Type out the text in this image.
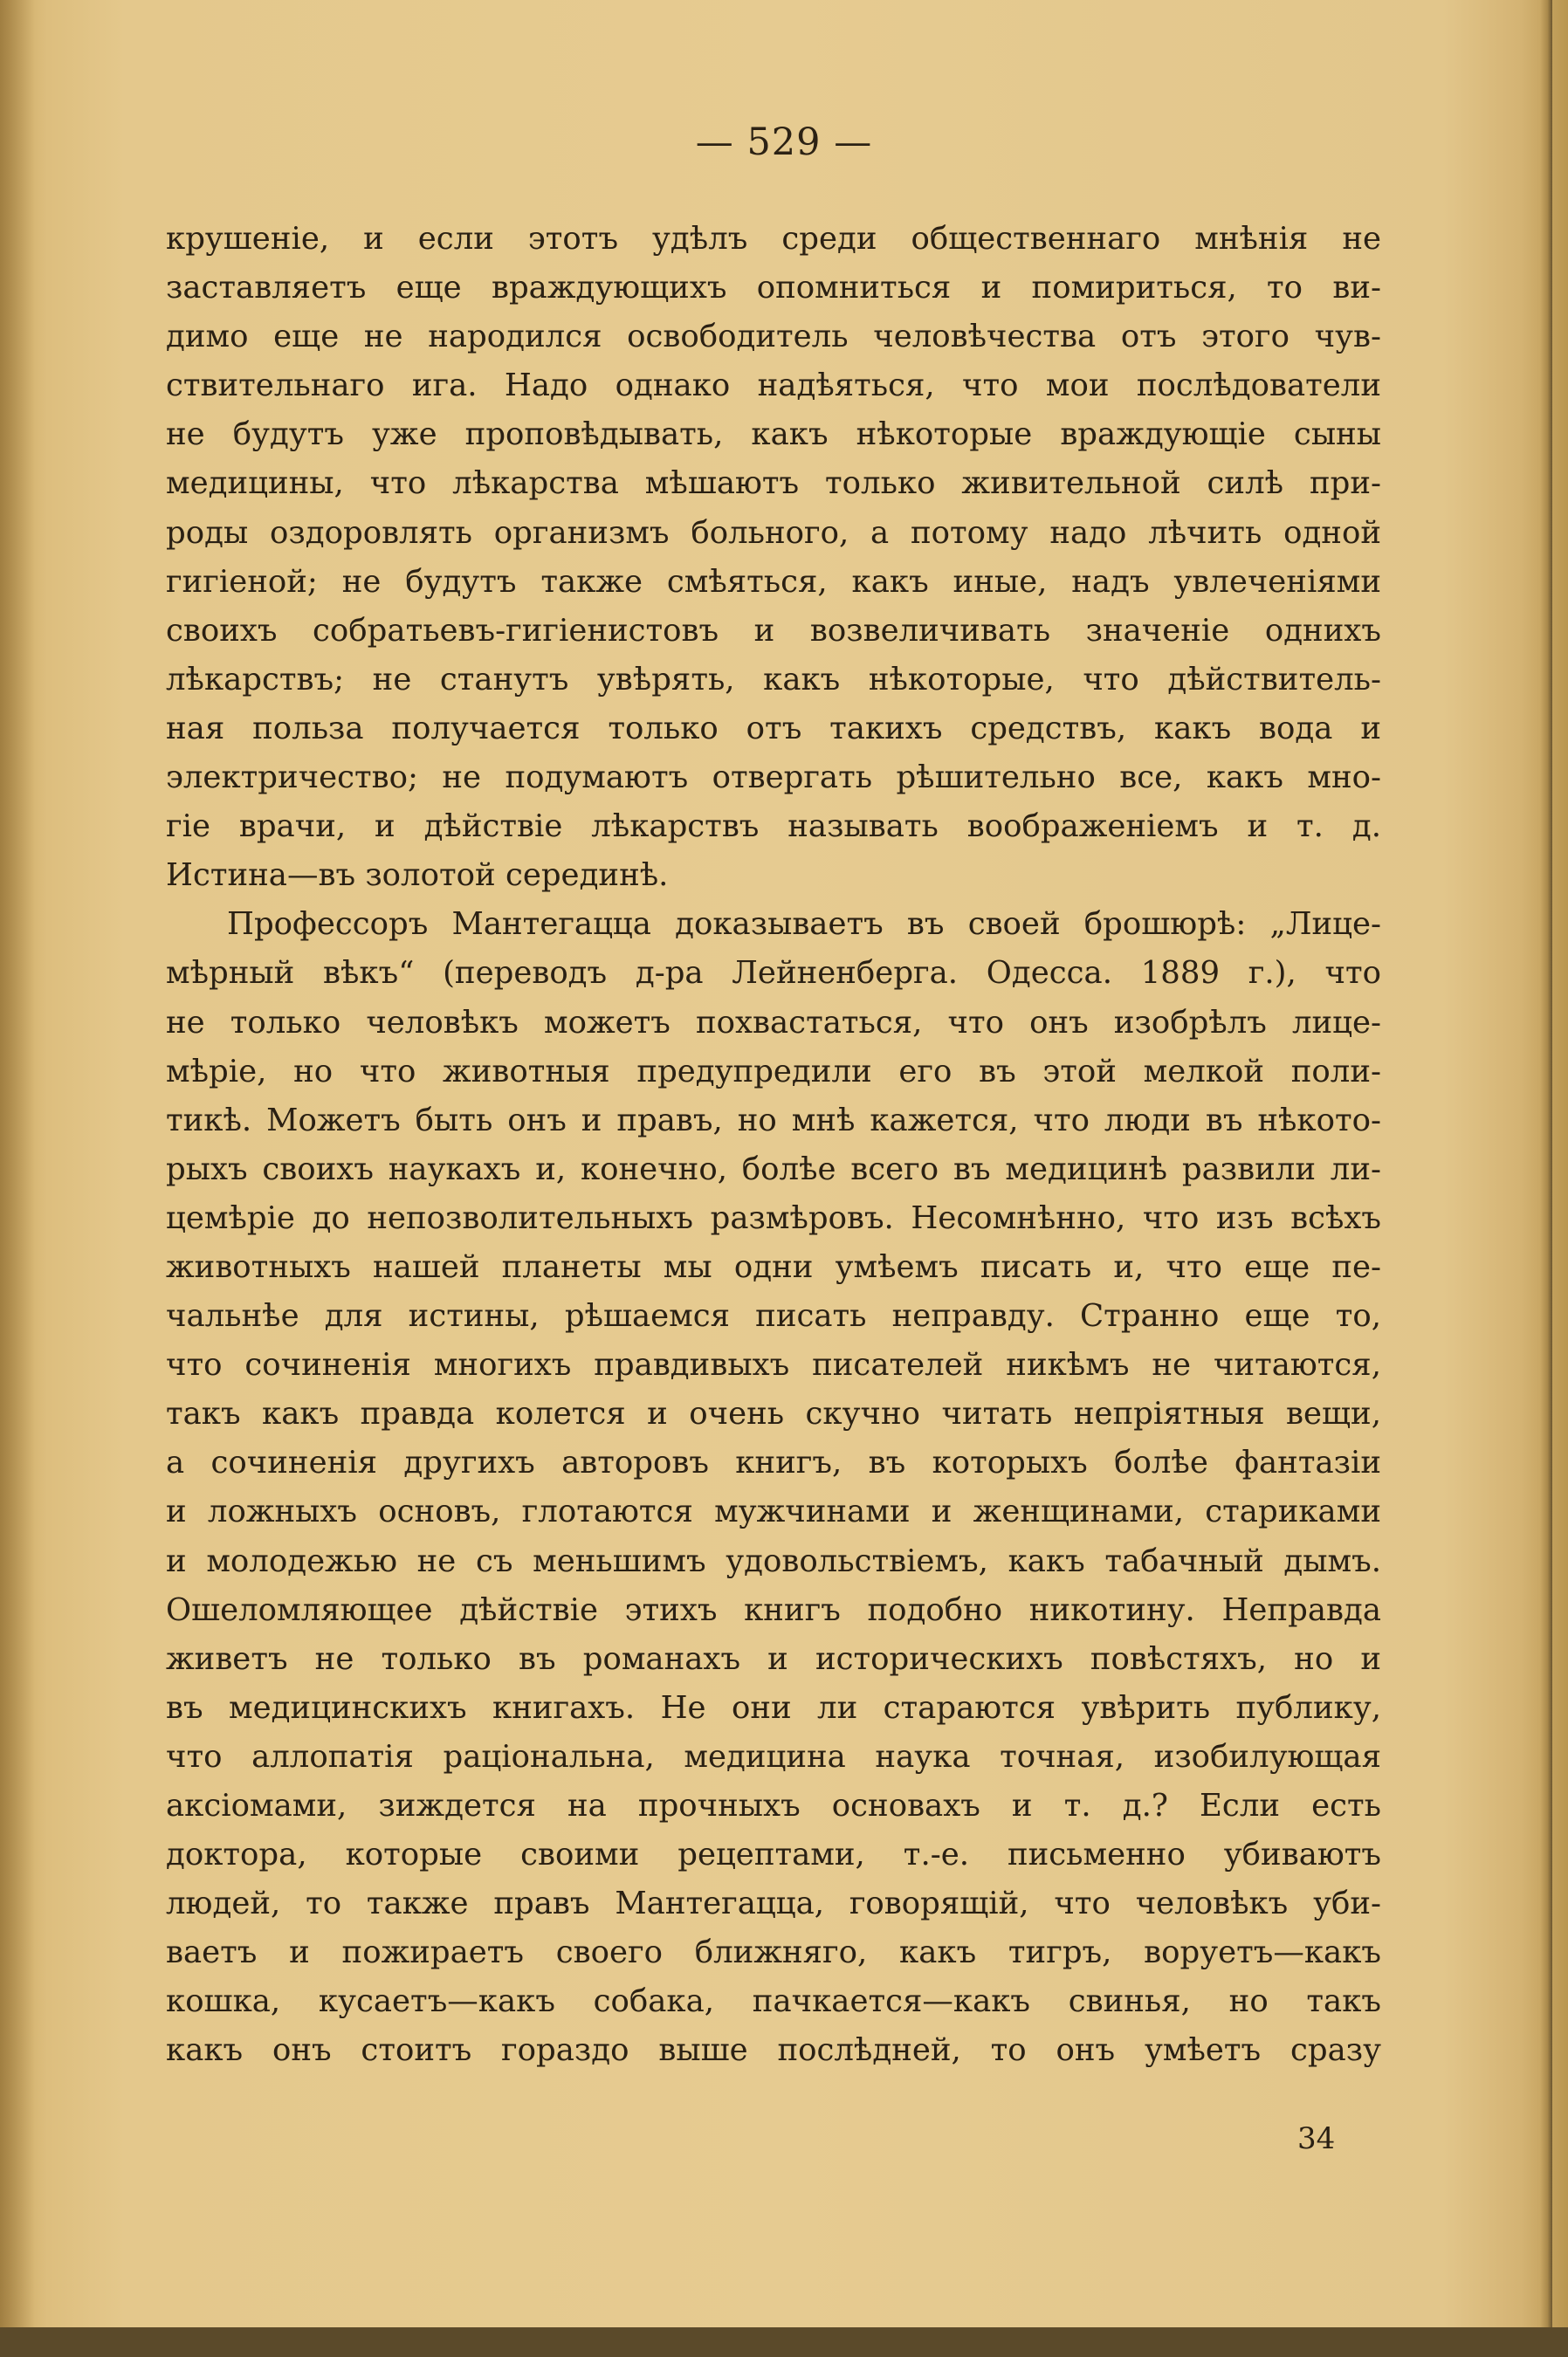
— 529 —
крушеніе, и если этотъ удѣлъ среди общественнаго мнѣнія не
заставляетъ еще враждующихъ опомниться и помириться, то ви-
димо еще не народился освободитель человѣчества отъ этого чув-
ствительнаго ига. Надо однако надѣяться, что мои послѣдователи
не будутъ уже проповѣдывать, какъ нѣкоторые враждующіе сыны
медицины, что лѣкарства мѣшаютъ только живительной силѣ при-
роды оздоровлять организмъ больного, а потому надо лѣчить одной
гигіеной; не будутъ также смѣяться, какъ иные, надъ увлеченіями
своихъ собратьевъ-гигіенистовъ и возвеличивать значеніе однихъ
лѣкарствъ; не станутъ увѣрять, какъ нѣкоторые, что дѣйствитель-
ная польза получается только отъ такихъ средствъ, какъ вода и
электричество; не подумаютъ отвергать рѣшительно все, какъ мно-
гіе врачи, и дѣйствіе лѣкарствъ называть воображеніемъ и т. д.
Истина—въ золотой серединѣ.
Профессоръ Мантегацца доказываетъ въ своей брошюрѣ: „Лице-
мѣрный вѣкъ“ (переводъ д-ра Лейненберга. Одесса. 1889 г.), что
не только человѣкъ можетъ похвастаться, что онъ изобрѣлъ лице-
мѣріе, но что животныя предупредили его въ этой мелкой поли-
тикѣ. Можетъ быть онъ и правъ, но мнѣ кажется, что люди въ нѣкото-
рыхъ своихъ наукахъ и, конечно, болѣе всего въ медицинѣ развили ли-
цемѣріе до непозволительныхъ размѣровъ. Несомнѣнно, что изъ всѣхъ
животныхъ нашей планеты мы одни умѣемъ писать и, что еще пе-
чальнѣе для истины, рѣшаемся писать неправду. Странно еще то,
что сочиненія многихъ правдивыхъ писателей никѣмъ не читаются,
такъ какъ правда колется и очень скучно читать непріятныя вещи,
а сочиненія другихъ авторовъ книгъ, въ которыхъ болѣе фантазіи
и ложныхъ основъ, глотаются мужчинами и женщинами, стариками
и молодежью не съ меньшимъ удовольствіемъ, какъ табачный дымъ.
Ошеломляющее дѣйствіе этихъ книгъ подобно никотину. Неправда
живетъ не только въ романахъ и историческихъ повѣстяхъ, но и
въ медицинскихъ книгахъ. Не они ли стараются увѣрить публику,
что аллопатія раціональна, медицина наука точная, изобилующая
аксіомами, зиждется на прочныхъ основахъ и т. д.? Если есть
доктора, которые своими рецептами, т.-е. письменно убиваютъ
людей, то также правъ Мантегацца, говорящій, что человѣкъ уби-
ваетъ и пожираетъ своего ближняго, какъ тигръ, воруетъ—какъ
кошка, кусаетъ—какъ собака, пачкается—какъ свинья, но такъ
какъ онъ стоитъ гораздо выше послѣдней, то онъ умѣетъ сразу
34
